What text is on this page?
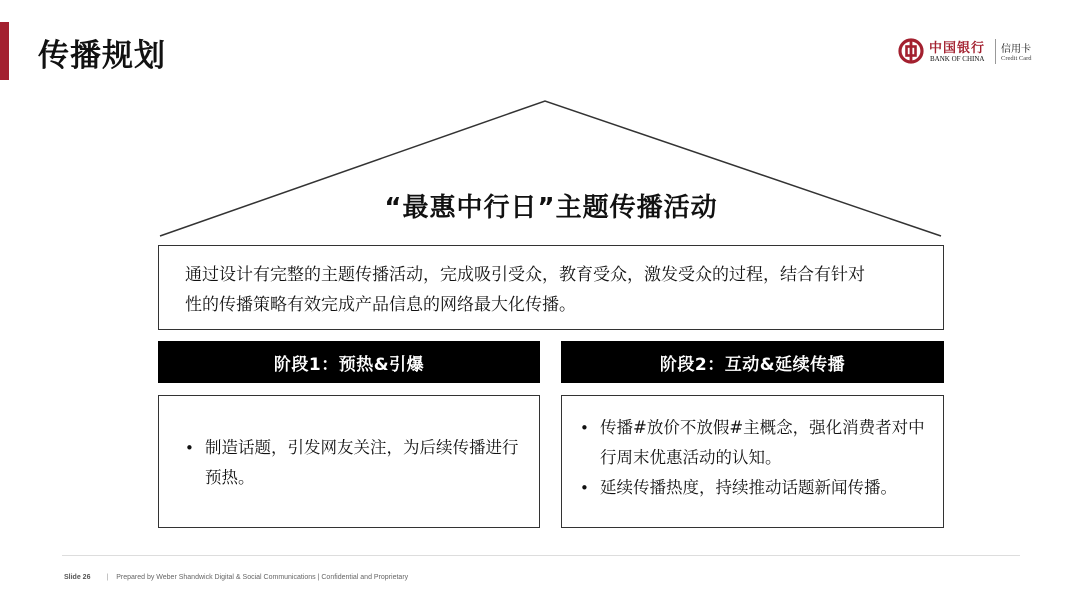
传播规划	中国银行
BANK OF CHINA
信用卡
Credit Card
“最惠中行日”主题传播活动
通过设计有完整的主题传播活动，完成吸引受众，教育受众，激发受众的过程，结合有针对
性的传播策略有效完成产品信息的网络最大化传播。
阶段1：预热&引爆	阶段2：互动&延续传播
• 制造话题，引发网友关注，为后续传播进行预热。
• 传播#放价不放假#主概念，强化消费者对中行周末优惠活动的认知。
• 延续传播热度，持续推动话题新闻传播。
Slide 26 | Prepared by Weber Shandwick Digital & Social Communications | Confidential and Proprietary
